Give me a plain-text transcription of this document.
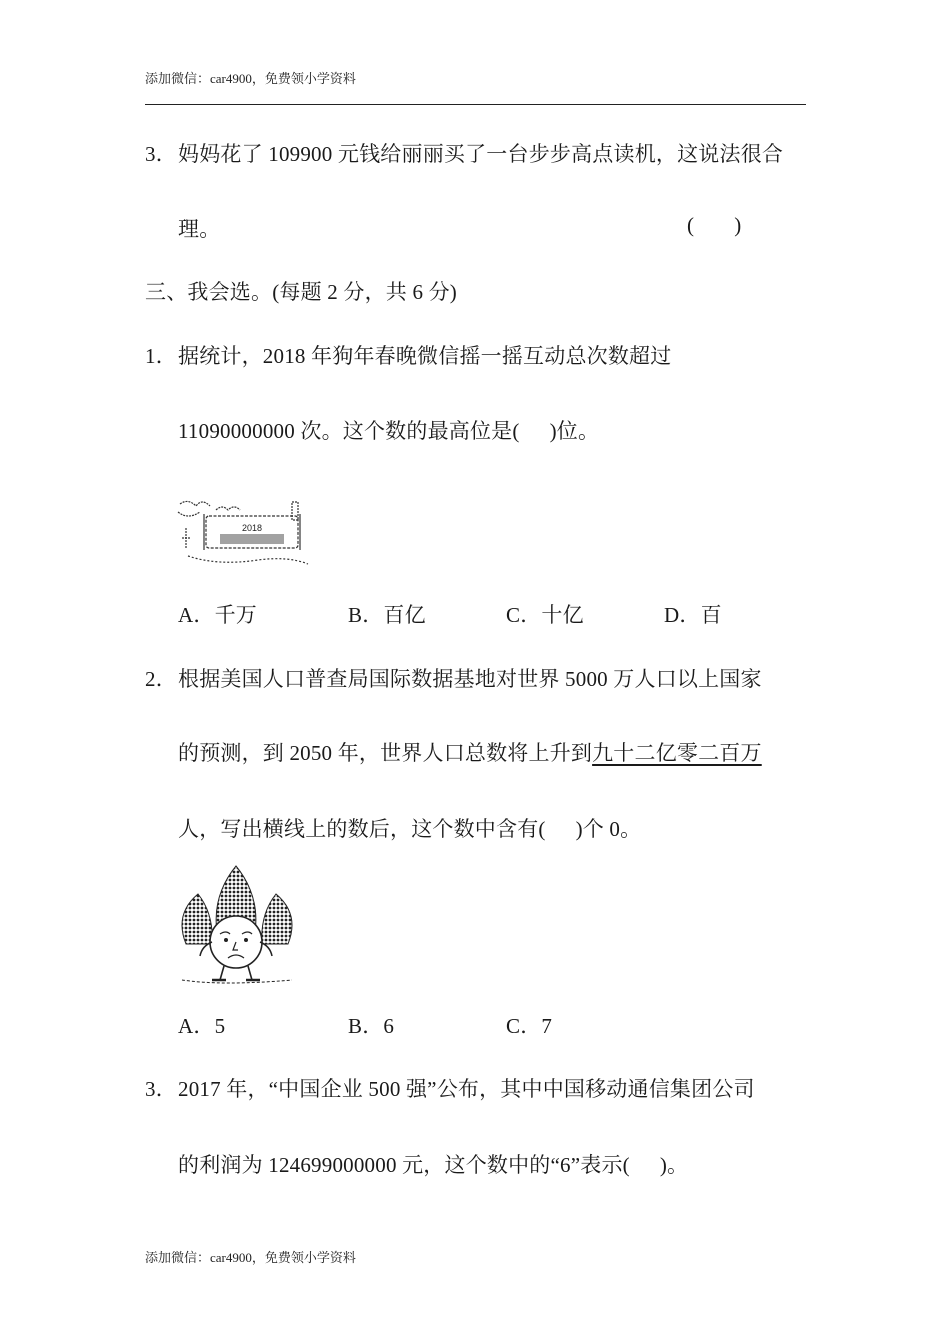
添加微信：car4900，免费领小学资料
3． 妈妈花了 109900 元钱给丽丽买了一台步步高点读机，这说法很合
理。	( )
三、我会选。(每题 2 分，共 6 分)
1． 据统计，2018 年狗年春晚微信摇一摇互动总次数超过
11090000000 次。这个数的最高位是( )位。
2018
A．千万	B．百亿	C．十亿	D．百
2． 根据美国人口普查局国际数据基地对世界 5000 万人口以上国家
的预测，到 2050 年，世界人口总数将上升到九十二亿零二百万
人，写出横线上的数后，这个数中含有( )个 0。
A．5	B．6	C．7
3． 2017 年，“中国企业 500 强”公布，其中中国移动通信集团公司
的利润为 124699000000 元，这个数中的“6”表示( )。
添加微信：car4900，免费领小学资料
